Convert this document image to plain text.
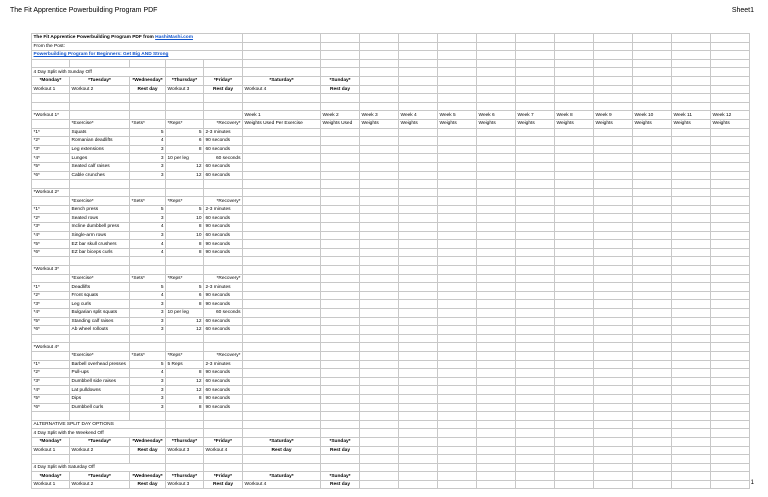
The Fit Apprentice Powerbuilding Program PDF	Sheet1
The Fit Apprentice Powerbuilding Program PDF from HashiMashi.com																
From the Post:																
Powerbuilding Program for Beginners: Get Big AND Strong																

4 Day Split with Sunday Off																
*Monday*	*Tuesday*	*Wednesday*	*Thursday*	*Friday*	*Saturday*	*Sunday*										
Workout 1	Workout 2	Rest day	Workout 3	Rest day	Workout 4	Rest day										

*Workout 1*					Week 1	Week 2	Week 3	Week 4	Week 5	Week 6	Week 7	Week 8	Week 9	Week 10	Week 11	Week 12
	*Exercise*	*Sets*	*Reps*	*Recovery*	Weights Used Per Exercise	Weights Used	Weights	Weights	Weights	Weights	Weights	Weights	Weights	Weights	Weights	Weights
*1*	Squats	5	5	2-3 minutes												
*2*	Romanian deadlifts	4	6	90 seconds												
*3*	Leg extensions	3	8	60 seconds												
*4*	Lunges	3	10 per leg	60 seconds												
*5*	Seated calf raises	3	12	60 seconds												
*6*	Cable crunches	3	12	60 seconds												

*Workout 2*																
	*Exercise*	*Sets*	*Reps*	*Recovery*												
*1*	Bench press	5	5	2-3 minutes												
*2*	Seated rows	3	10	60 seconds												
*3*	Incline dumbbell press	4	8	90 seconds												
*4*	Single-arm rows	3	10	60 seconds												
*5*	EZ bar skull crushers	4	8	90 seconds												
*6*	EZ bar biceps curls	4	8	90 seconds												

*Workout 3*																
	*Exercise*	*Sets*	*Reps*	*Recovery*												
*1*	Deadlifts	5	5	2-3 minutes												
*2*	Front squats	4	6	90 seconds												
*3*	Leg curls	3	8	90 seconds												
*4*	Bulgarian split squats	3	10 per leg	60 seconds												
*5*	Standing calf raises	3	12	60 seconds												
*6*	Ab wheel rollouts	3	12	60 seconds												

*Workout 4*																
	*Exercise*	*Sets*	*Reps*	*Recovery*												
*1*	Barbell overhead presses	5	5 Reps	2-3 minutes												
*2*	Pull-ups	4	8	90 seconds												
*3*	Dumbbell side raises	3	12	60 seconds												
*4*	Lat pulldowns	3	12	60 seconds												
*5*	Dips	3	8	90 seconds												
*6*	Dumbbell curls	3	8	90 seconds												

ALTERNATIVE SPLIT DAY OPTIONS																
4 Day Split with the Weekend Off																
*Monday*	*Tuesday*	*Wednesday*	*Thursday*	*Friday*	*Saturday*	*Sunday*										
Workout 1	Workout 2	Rest day	Workout 3	Workout 4	Rest day	Rest day										

4 Day Split with Saturday Off																
*Monday*	*Tuesday*	*Wednesday*	*Thursday*	*Friday*	*Saturday*	*Sunday*										
Workout 1	Workout 2	Rest day	Workout 3	Rest day	Workout 4	Rest day											1
